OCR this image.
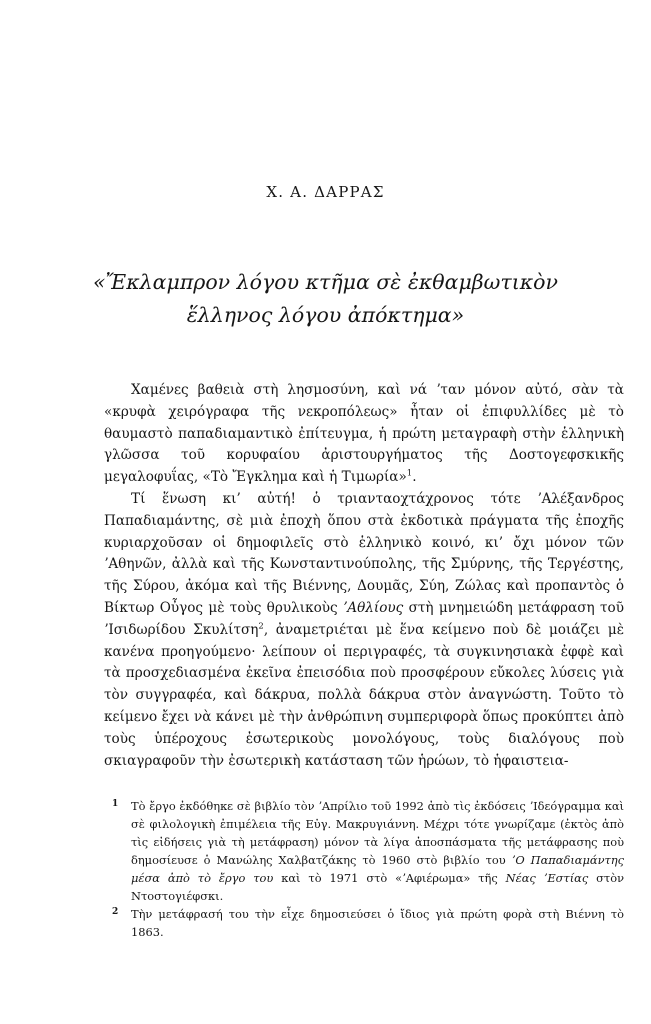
Χ. Α. ΔΑΡΡΑΣ
«Ἔκλαμπρον λόγου κτῆμα σὲ ἐκθαμβωτικὸν
ἕλληνος λόγου ἀπόκτημα»

Χαμένες βαθειὰ στὴ λησμοσύνη, καὶ νά ʼταν μόνον αὐτό, σὰν τὰ «κρυφὰ χειρόγραφα τῆς νεκροπόλεως» ἦταν οἱ ἐπιφυλλίδες μὲ τὸ θαυμαστὸ παπαδιαμαντικὸ ἐπίτευγμα, ἡ πρώτη μεταγραφὴ στὴν ἑλληνικὴ γλῶσσα τοῦ κορυφαίου ἀριστουργήματος τῆς Δοστογεφσκικῆς μεγαλοφυΐας, «Τὸ Ἔγκλημα καὶ ἡ Τιμωρία»$^1$.

Τί ἕνωση κι’ αὐτή! ὁ τριανταοχτάχρονος τότε ʼΑλέξανδρος Παπαδιαμάντης, σὲ μιὰ ἐποχὴ ὅπου στὰ ἐκδοτικὰ πράγματα τῆς ἐποχῆς κυριαρχοῦσαν οἱ δημοφιλεῖς στὸ ἑλληνικὸ κοινό, κι’ ὄχι μόνον τῶν ʼΑθηνῶν, ἀλλὰ καὶ τῆς Κωνσταντινούπολης, τῆς Σμύρνης, τῆς Τεργέστης, τῆς Σύρου, ἀκόμα καὶ τῆς Βιέννης, Δουμᾶς, Σύη, Ζώλας καὶ προπαντὸς ὁ Βίκτωρ Οὖγος μὲ τοὺς θρυλικοὺς ʼΑθλίους στὴ μνημειώδη μετάφραση τοῦ ʼΙσιδωρίδου Σκυλίτση$^2$, ἀναμετριέται μὲ ἕνα κείμενο ποὺ δὲ μοιάζει μὲ κανένα προηγούμενο· λείπουν οἱ περιγραφές, τὰ συγκινησιακὰ ἐφφὲ καὶ τὰ προσχεδιασμένα ἐκεῖνα ἐπεισόδια ποὺ προσφέρουν εὔκολες λύσεις γιὰ τὸν συγγραφέα, καὶ δάκρυα, πολλὰ δάκρυα στὸν ἀναγνώστη. Τοῦτο τὸ κείμενο ἔχει νὰ κάνει μὲ τὴν ἀνθρώπινη συμπεριφορὰ ὅπως προκύπτει ἀπὸ τοὺς ὑπέροχους ἐσωτερικοὺς μονολόγους, τοὺς διαλόγους ποὺ σκιαγραφοῦν τὴν ἐσωτερικὴ κατάσταση τῶν ἡρώων, τὸ ἡφαιστεια-

1 Τὸ ἔργο ἐκδόθηκε σὲ βιβλίο τὸν ʼΑπρίλιο τοῦ 1992 ἀπὸ τὶς ἐκδόσεις ʼΙδεόγραμμα καὶ σὲ φιλολογικὴ ἐπιμέλεια τῆς Εὐγ. Μακρυγιάννη. Μέχρι τότε γνωρίζαμε (ἐκτὸς ἀπὸ τὶς εἰδήσεις γιὰ τὴ μετάφραση) μόνον τὰ λίγα ἀποσπάσματα τῆς μετάφρασης ποὺ δημοσίευσε ὁ Μανώλης Χαλβατζάκης τὸ 1960 στὸ βιβλίο του ʼΟ Παπαδιαμάντης μέσα ἀπὸ τὸ ἔργο του καὶ τὸ 1971 στὸ «ʼΑφιέρωμα» τῆς Νέας ʼΕστίας στὸν Ντοστογιέφσκι.
2 Τὴν μετάφρασή του τὴν εἶχε δημοσιεύσει ὁ ἴδιος γιὰ πρώτη φορὰ στὴ Βιέννη τὸ 1863.
